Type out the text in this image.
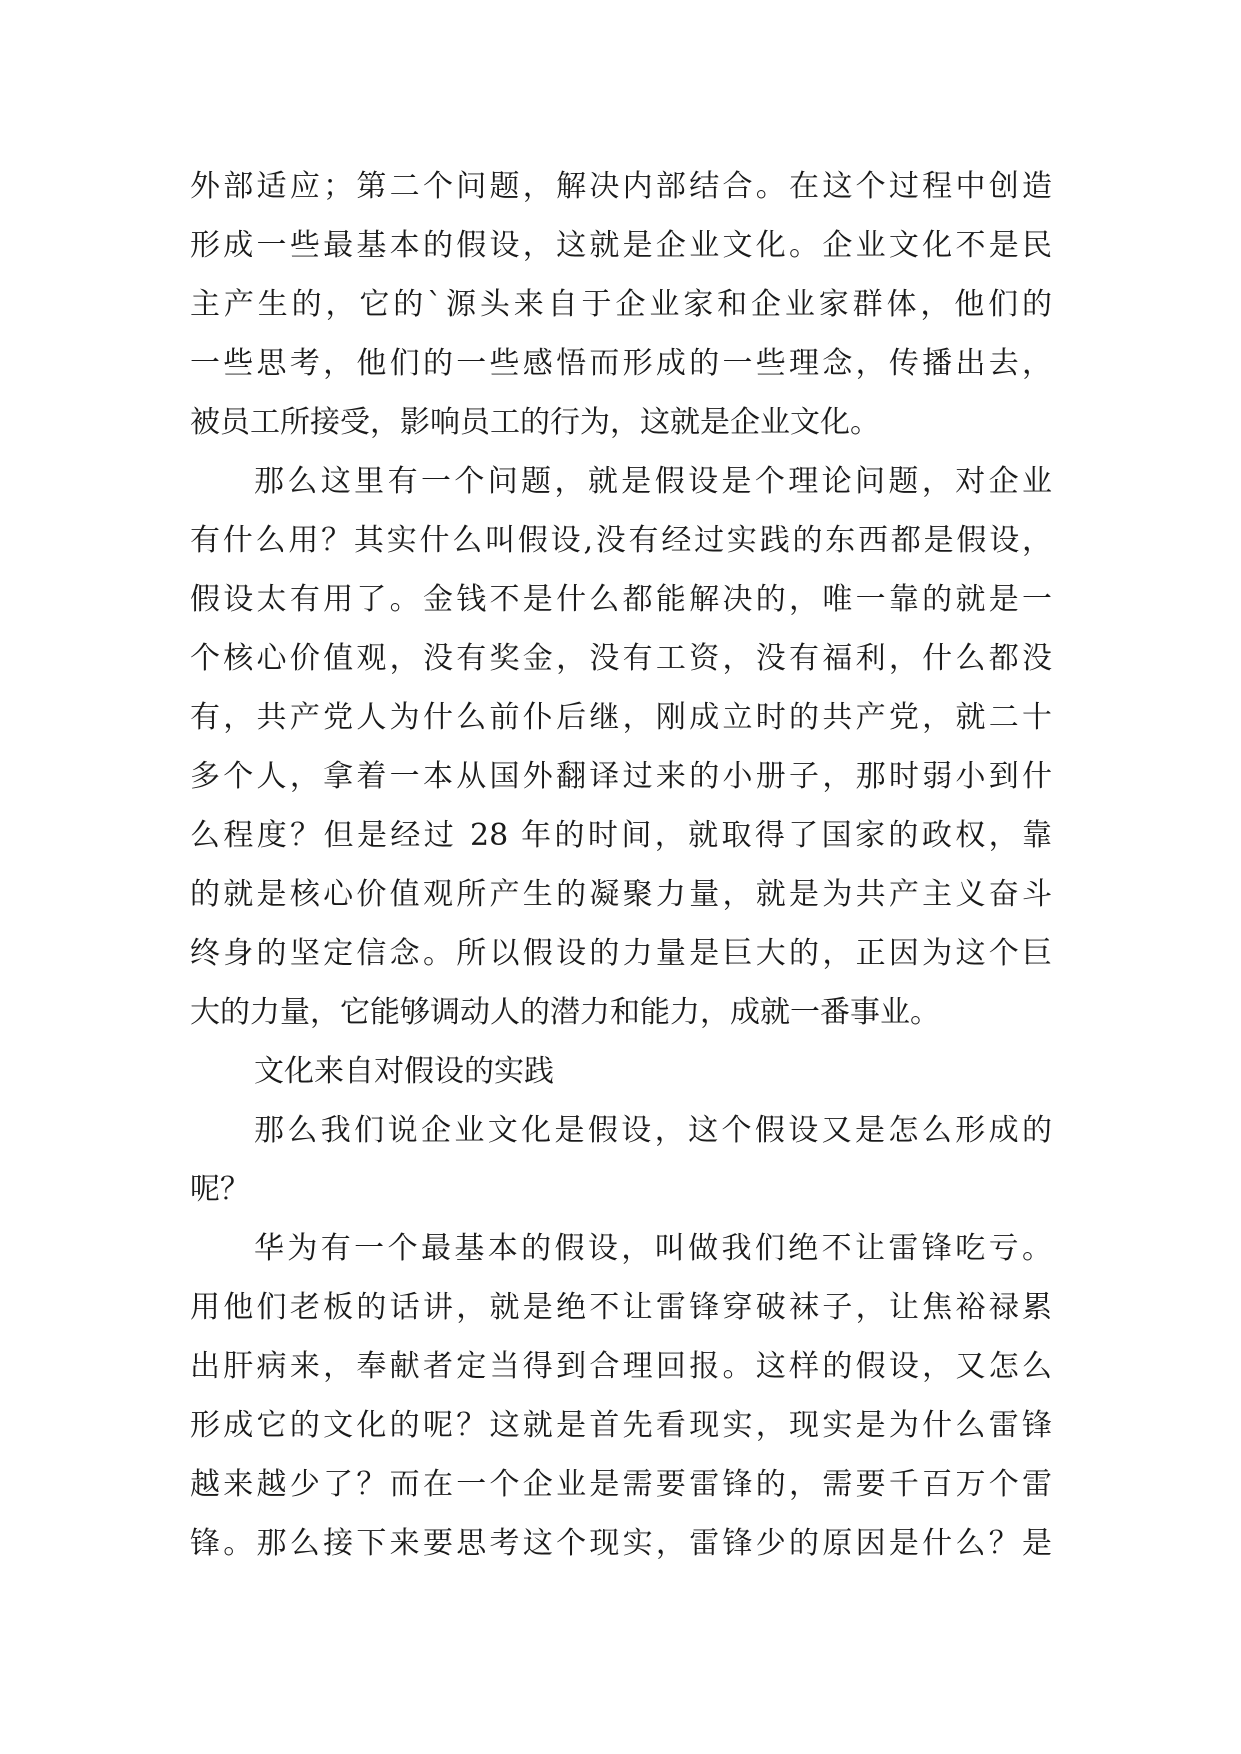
外部适应；第二个问题，解决内部结合。在这个过程中创造
形成一些最基本的假设，这就是企业文化。企业文化不是民
主产生的，它的`源头来自于企业家和企业家群体，他们的
一些思考，他们的一些感悟而形成的一些理念，传播出去，
被员工所接受，影响员工的行为，这就是企业文化。
那么这里有一个问题，就是假设是个理论问题，对企业
有什么用？其实什么叫假设,没有经过实践的东西都是假设，
假设太有用了。金钱不是什么都能解决的，唯一靠的就是一
个核心价值观，没有奖金，没有工资，没有福利，什么都没
有，共产党人为什么前仆后继，刚成立时的共产党，就二十
多个人，拿着一本从国外翻译过来的小册子，那时弱小到什
么程度？但是经过 28 年的时间，就取得了国家的政权，靠
的就是核心价值观所产生的凝聚力量，就是为共产主义奋斗
终身的坚定信念。所以假设的力量是巨大的，正因为这个巨
大的力量，它能够调动人的潜力和能力，成就一番事业。
文化来自对假设的实践
那么我们说企业文化是假设，这个假设又是怎么形成的
呢？
华为有一个最基本的假设，叫做我们绝不让雷锋吃亏。
用他们老板的话讲，就是绝不让雷锋穿破袜子，让焦裕禄累
出肝病来，奉献者定当得到合理回报。这样的假设，又怎么
形成它的文化的呢？这就是首先看现实，现实是为什么雷锋
越来越少了？而在一个企业是需要雷锋的，需要千百万个雷
锋。那么接下来要思考这个现实，雷锋少的原因是什么？是
